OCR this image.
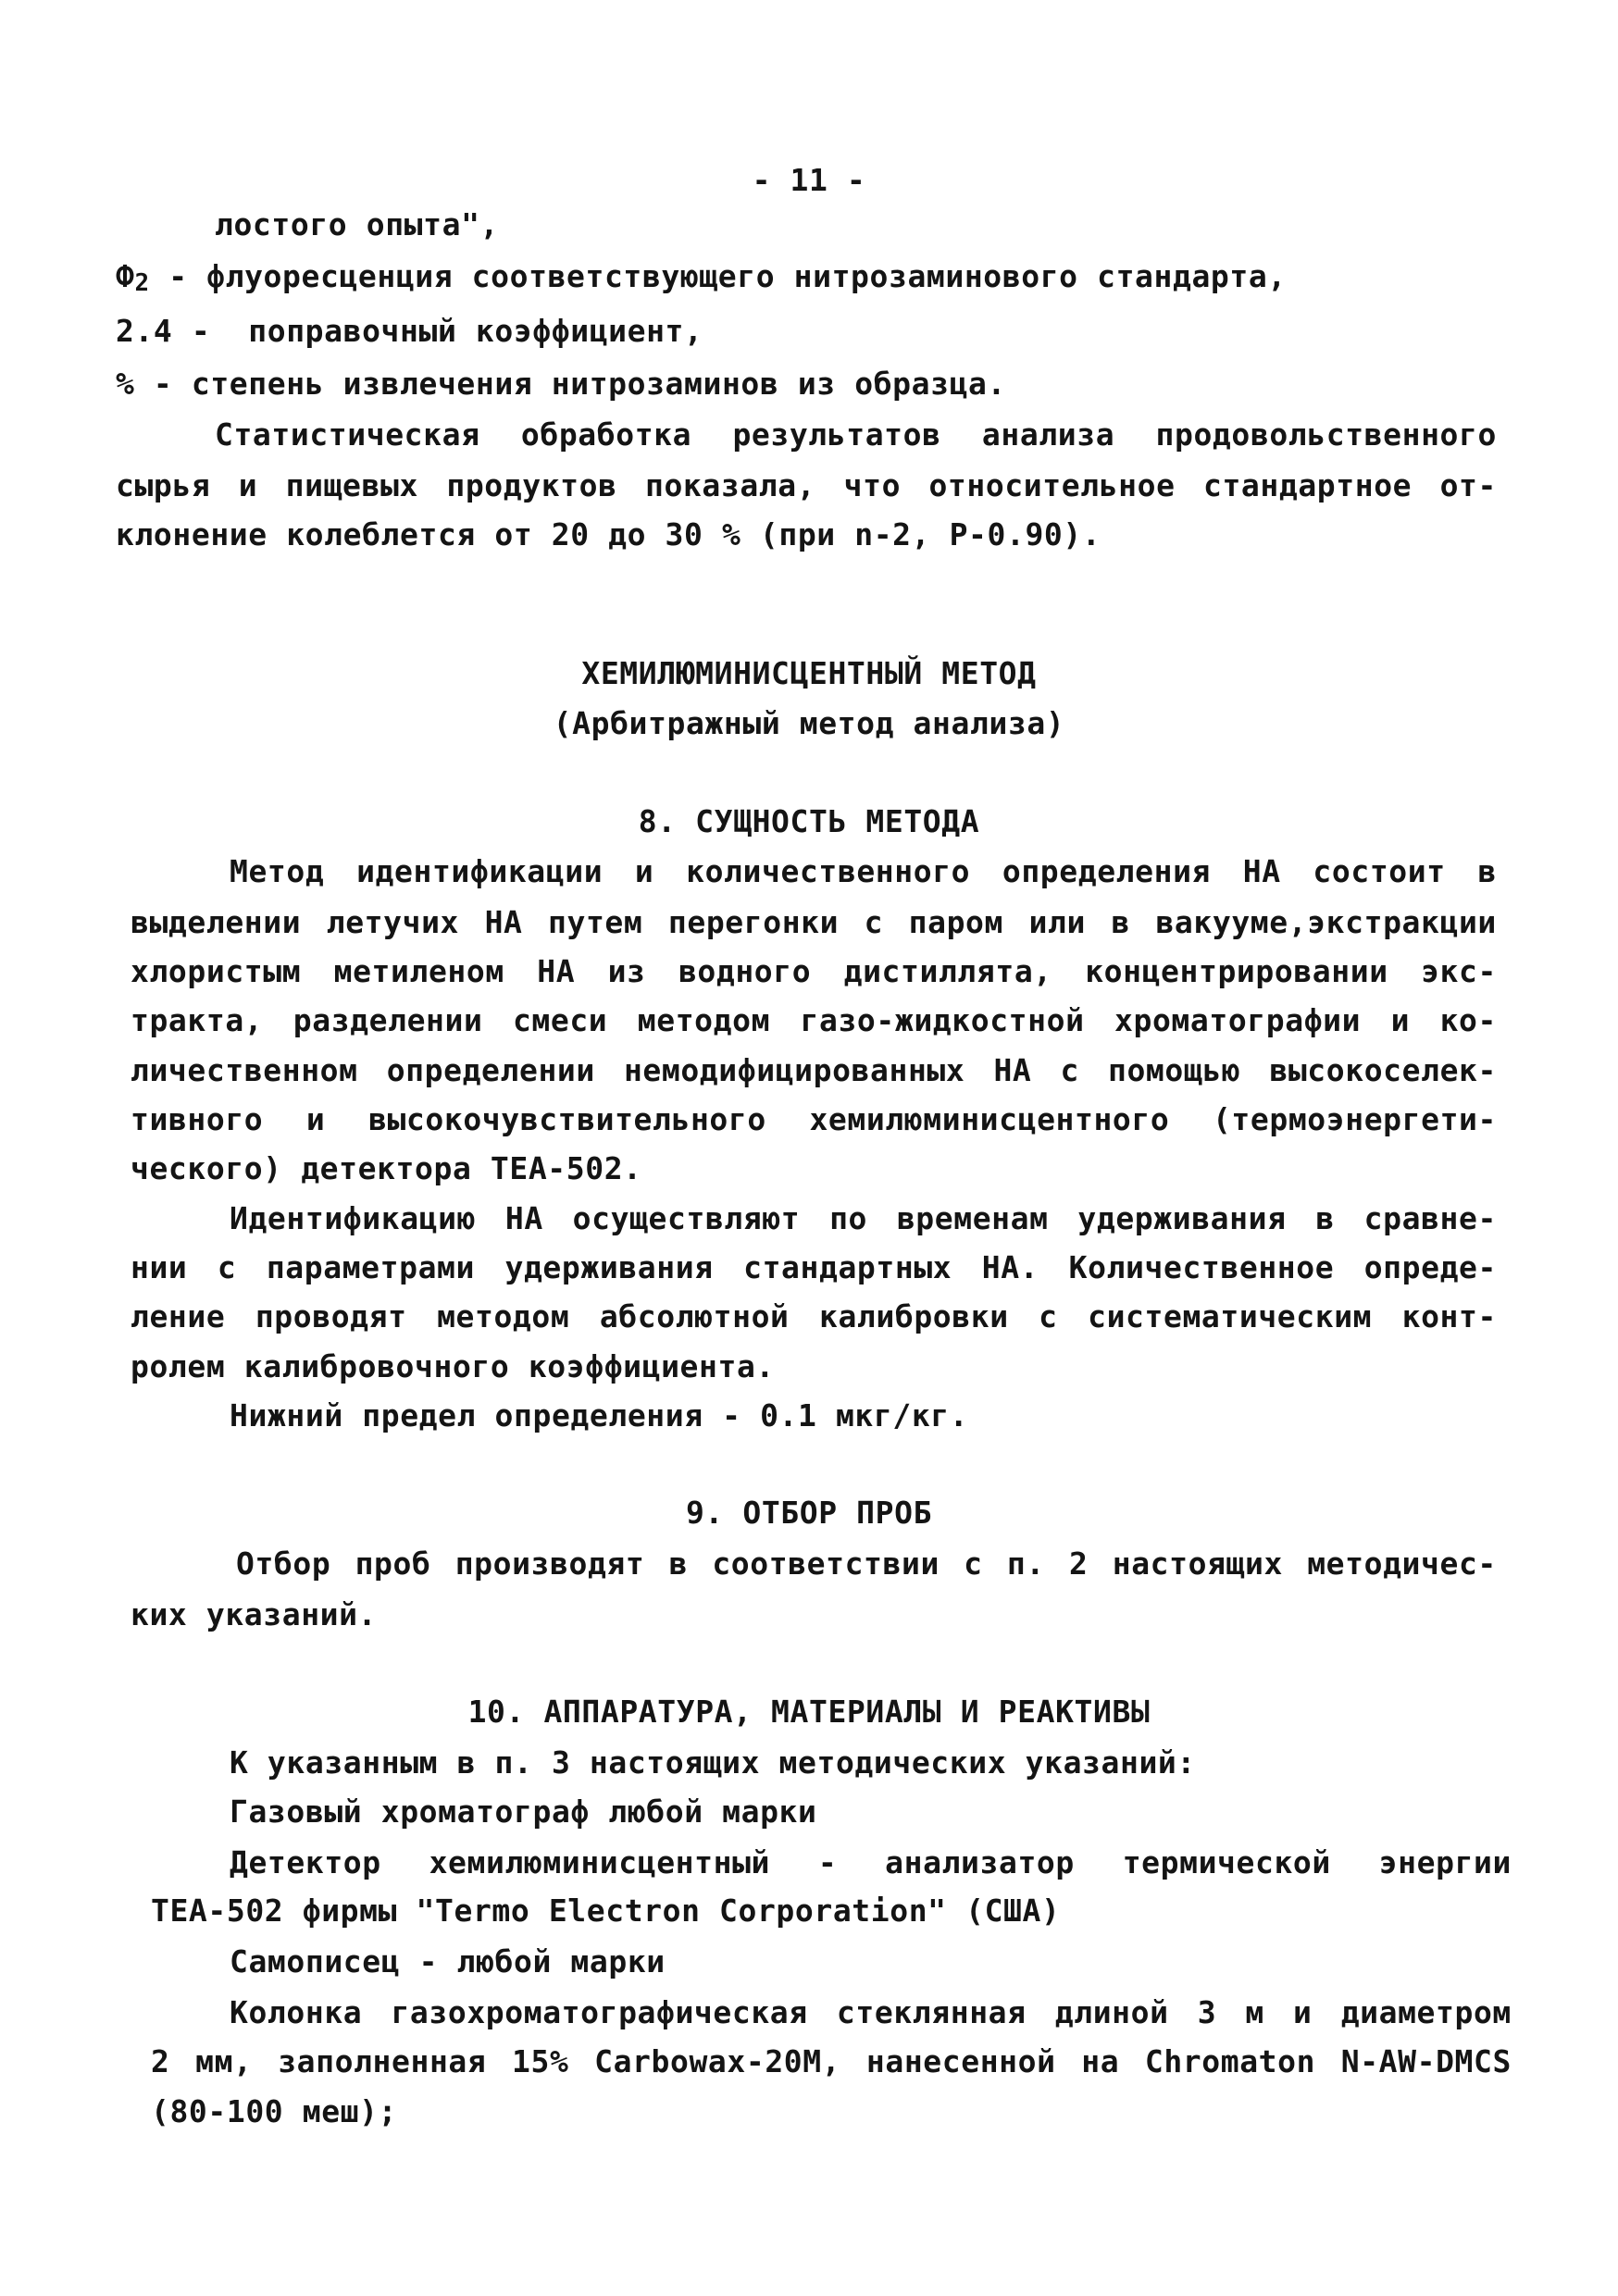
- 11 -
лостого опыта",
$Ф_2$ - флуоресценция соответствующего нитрозаминового стандарта,
2.4 -  поправочный коэффициент,
% - степень извлечения нитрозаминов из образца.
Статистическая обработка результатов анализа продовольственного
сырья и пищевых продуктов показала, что относительное стандартное от-
клонение колеблется от 20 до 30 % (при n-2, Р-0.90).
ХЕМИЛЮМИНИСЦЕНТНЫЙ МЕТОД
(Арбитражный метод анализа)
8. СУЩНОСТЬ МЕТОДА
Метод идентификации и количественного определения НА состоит в
выделении летучих НА путем перегонки с паром или в вакууме,экстракции
хлористым метиленом НА из водного дистиллята, концентрировании экс-
тракта, разделении смеси методом газо-жидкостной хроматографии и ко-
личественном определении немодифицированных НА с помощью высокоселек-
тивного и высокочувствительного хемилюминисцентного (термоэнергети-
ческого) детектора ТЕА-502.
Идентификацию НА осуществляют по временам удерживания в сравне-
нии с параметрами удерживания стандартных НА. Количественное опреде-
ление проводят методом абсолютной калибровки с систематическим конт-
ролем калибровочного коэффициента.
Нижний предел определения - 0.1 мкг/кг.
9. ОТБОР ПРОБ
Отбор проб производят в соответствии с п. 2 настоящих методичес-
ких указаний.
10. АППАРАТУРА, МАТЕРИАЛЫ И РЕАКТИВЫ
К указанным в п. 3 настоящих методических указаний:
Газовый хроматограф любой марки
Детектор хемилюминисцентный - анализатор термической энергии
ТЕА-502 фирмы "Termo Electron Corporation" (США)
Самописец - любой марки
Колонка газохроматографическая стеклянная длиной 3 м и диаметром
2 мм, заполненная 15% Carbowax-20M, нанесенной на Chromaton N-AW-DMCS
(80-100 меш);
